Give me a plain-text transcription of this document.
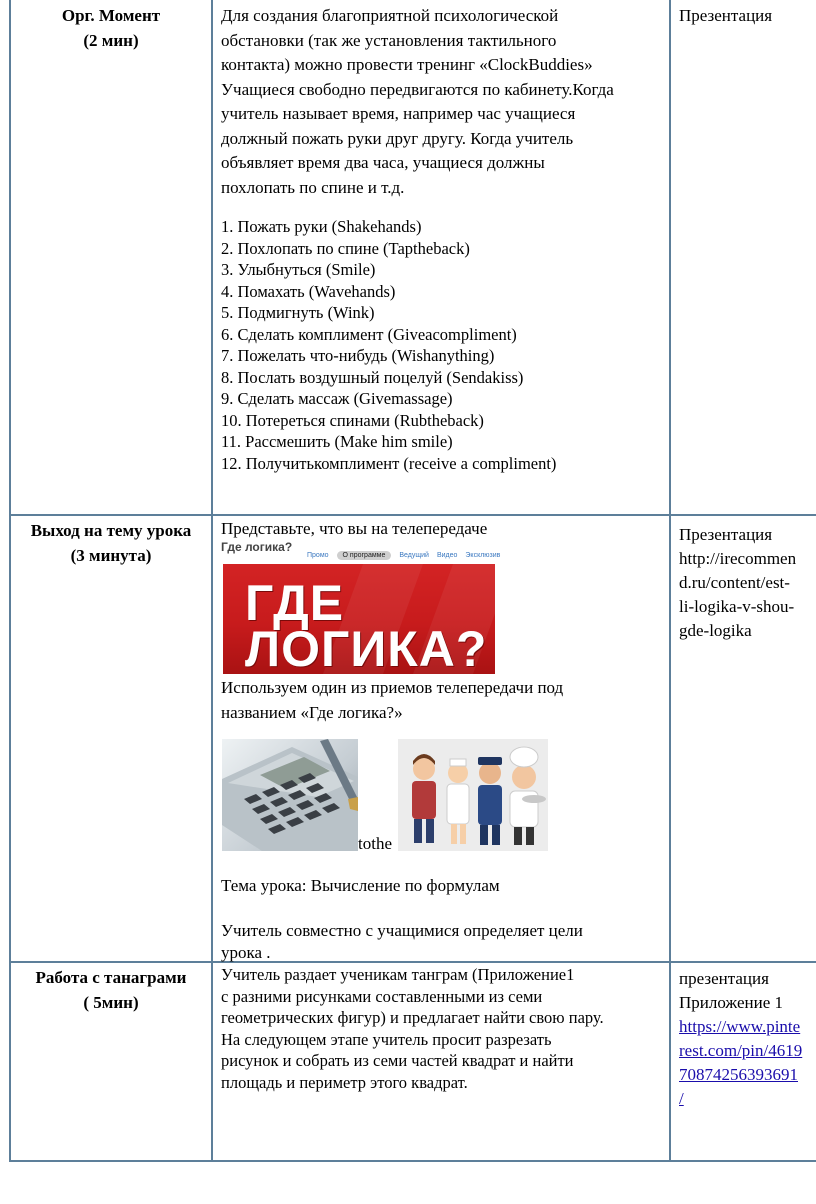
Орг. Момент
(2 мин)
Для создания благоприятной психологической
обстановки (так же установления тактильного
контакта) можно провести тренинг «ClockBuddies»
Учащиеся свободно передвигаются по кабинету.Когда
учитель называет время, например час учащиеся
должный пожать руки друг другу. Когда учитель
объявляет время два часа, учащиеся должны
похлопать по спине и т.д.
1. Пожать руки (Shakehands)
2. Похлопать по спине (Taptheback)
3. Улыбнуться (Smile)
4. Помахать (Wavehands)
5. Подмигнуть (Wink)
6. Сделать комплимент (Giveacompliment)
7. Пожелать что-нибудь (Wishanything)
8. Послать воздушный поцелуй (Sendakiss)
9. Сделать массаж (Givemassage)
10. Потереться спинами (Rubtheback)
11. Рассмешить (Make him smile)
12. Получитькомплимент (receive a compliment)
Презентация
Выход на тему урока
(3 минута)
Представьте, что вы на телепередаче
Где логика?
Промо О программе Ведущий Видео Эксклюзив
ГДЕ
ЛОГИКА?
Используем один из приемов телепередачи под
названием «Где логика?»
tothe
Тема урока: Вычисление по формулам
Учитель совместно с учащимися определяет цели
урока .
Презентация
http://irecommen
d.ru/content/est-
li-logika-v-shou-
gde-logika
Работа с танаграми
( 5мин)
Учитель раздает ученикам танграм (Приложение1
с разними рисунками составленными из семи
геометрических фигур) и предлагает найти свою пару.
На следующем этапе учитель просит разрезать
рисунок и собрать из семи частей квадрат и найти
площадь и периметр этого квадрат.
презентация
Приложение 1
https://www.pinte
rest.com/pin/4619
70874256393691
/
